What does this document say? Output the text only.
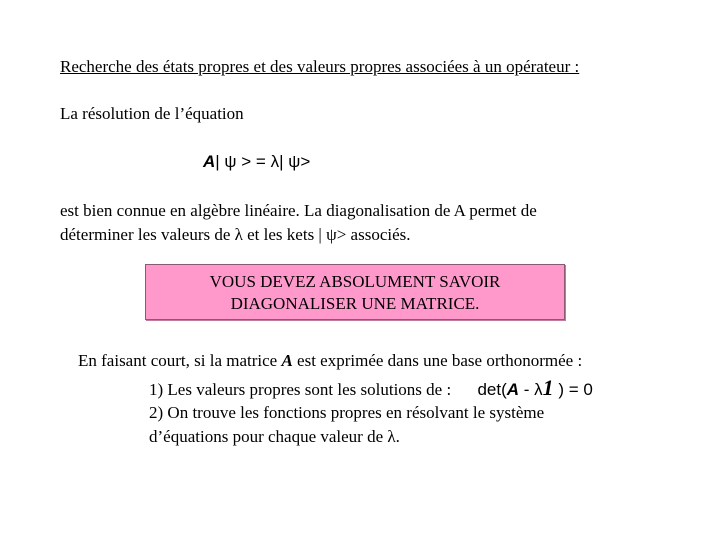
Recherche des états propres et des valeurs propres associées à un opérateur :
La résolution de l’équation
A| ψ > = λ| ψ>
est bien connue en algèbre linéaire. La diagonalisation de A permet de
déterminer les valeurs de λ et les kets | ψ> associés.
VOUS DEVEZ ABSOLUMENT SAVOIR
DIAGONALISER UNE MATRICE.
En faisant court, si la matrice A est exprimée dans une base orthonormée :
1) Les valeurs propres sont les solutions de : det(A - λ1 ) = 0
2) On trouve les fonctions propres en résolvant le système
d’équations pour chaque valeur de λ.
